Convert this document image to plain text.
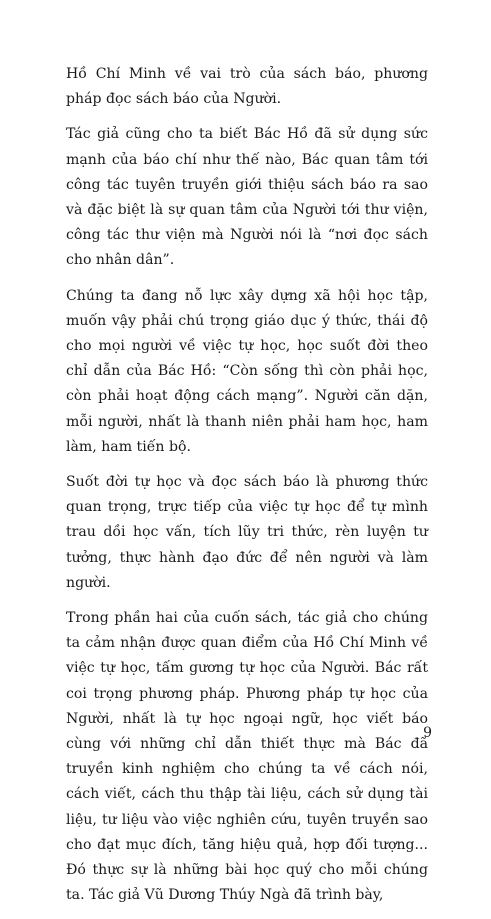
Hồ Chí Minh về vai trò của sách báo, phương pháp đọc sách báo của Người.

Tác giả cũng cho ta biết Bác Hồ đã sử dụng sức mạnh của báo chí như thế nào, Bác quan tâm tới công tác tuyên truyền giới thiệu sách báo ra sao và đặc biệt là sự quan tâm của Người tới thư viện, công tác thư viện mà Người nói là “nơi đọc sách cho nhân dân”.

Chúng ta đang nỗ lực xây dựng xã hội học tập, muốn vậy phải chú trọng giáo dục ý thức, thái độ cho mọi người về việc tự học, học suốt đời theo chỉ dẫn của Bác Hồ: “Còn sống thì còn phải học, còn phải hoạt động cách mạng”. Người căn dặn, mỗi người, nhất là thanh niên phải ham học, ham làm, ham tiến bộ.

Suốt đời tự học và đọc sách báo là phương thức quan trọng, trực tiếp của việc tự học để tự mình trau dồi học vấn, tích lũy tri thức, rèn luyện tư tưởng, thực hành đạo đức để nên người và làm người.

Trong phần hai của cuốn sách, tác giả cho chúng ta cảm nhận được quan điểm của Hồ Chí Minh về việc tự học, tấm gương tự học của Người. Bác rất coi trọng phương pháp. Phương pháp tự học của Người, nhất là tự học ngoại ngữ, học viết báo cùng với những chỉ dẫn thiết thực mà Bác đã truyền kinh nghiệm cho chúng ta về cách nói, cách viết, cách thu thập tài liệu, cách sử dụng tài liệu, tư liệu vào việc nghiên cứu, tuyên truyền sao cho đạt mục đích, tăng hiệu quả, hợp đối tượng... Đó thực sự là những bài học quý cho mỗi chúng ta. Tác giả Vũ Dương Thúy Ngà đã trình bày,

9
